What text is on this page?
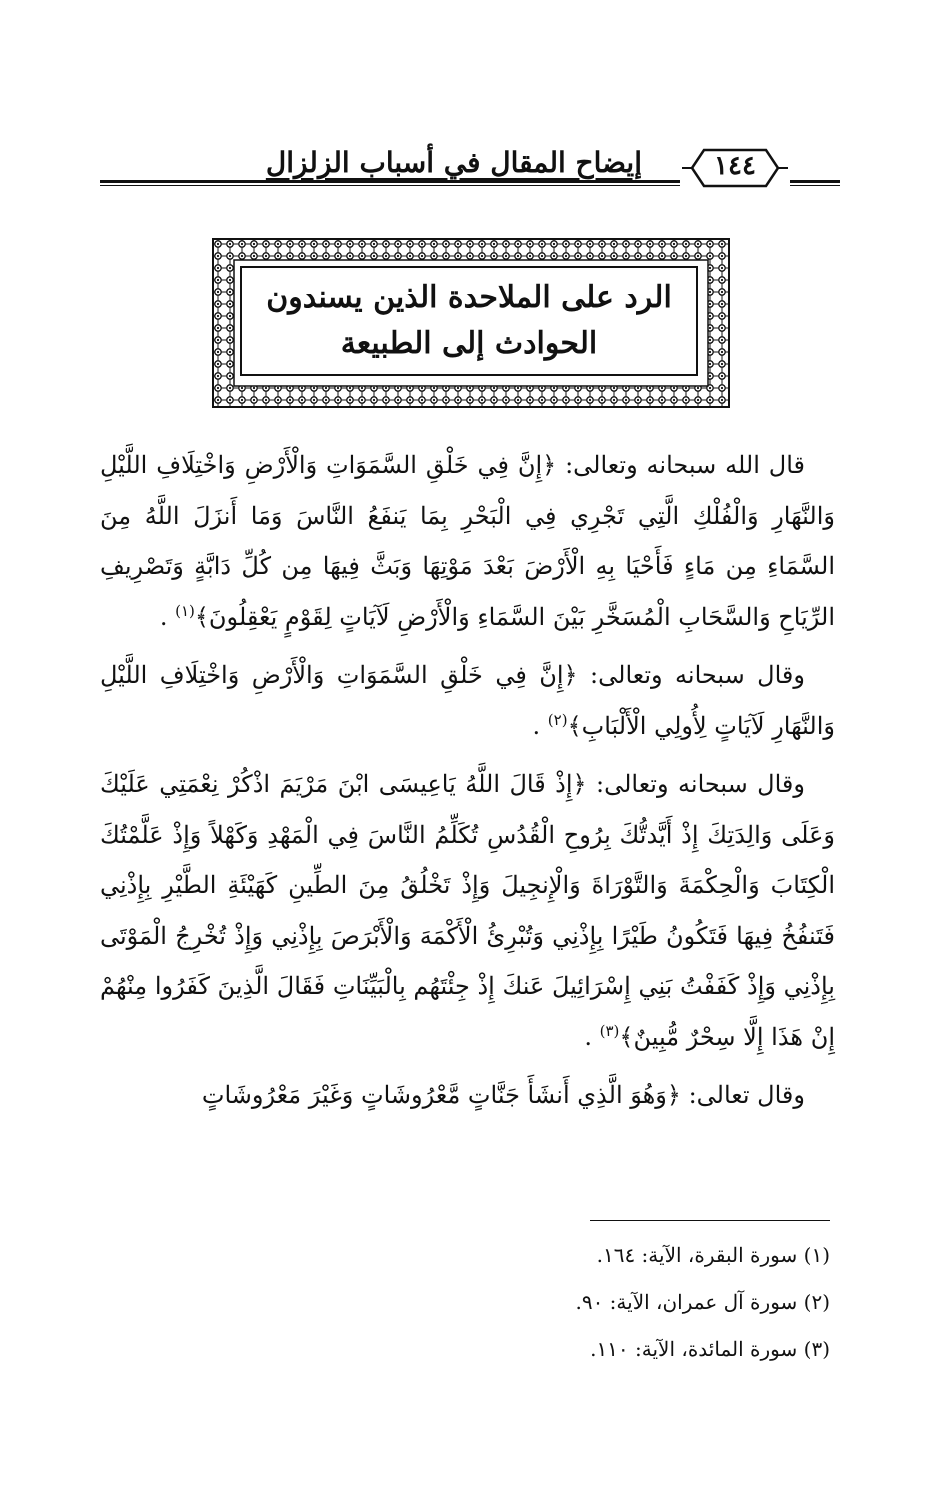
إيضاح المقال في أسباب الزلزال	١٤٤
الرد على الملاحدة الذين يسندون
الحوادث إلى الطبيعة

قال الله سبحانه وتعالى: ﴿إِنَّ فِي خَلْقِ السَّمَوَاتِ وَالْأَرْضِ وَاخْتِلَافِ اللَّيْلِ وَالنَّهَارِ وَالْفُلْكِ الَّتِي تَجْرِي فِي الْبَحْرِ بِمَا يَنفَعُ النَّاسَ وَمَا أَنزَلَ اللَّهُ مِنَ السَّمَاءِ مِن مَاءٍ فَأَحْيَا بِهِ الْأَرْضَ بَعْدَ مَوْتِهَا وَبَثَّ فِيهَا مِن كُلِّ دَابَّةٍ وَتَصْرِيفِ الرِّيَاحِ وَالسَّحَابِ الْمُسَخَّرِ بَيْنَ السَّمَاءِ وَالْأَرْضِ لَآيَاتٍ لِقَوْمٍ يَعْقِلُونَ﴾$^{(١)}$ .

وقال سبحانه وتعالى: ﴿إِنَّ فِي خَلْقِ السَّمَوَاتِ وَالْأَرْضِ وَاخْتِلَافِ اللَّيْلِ وَالنَّهَارِ لَآيَاتٍ لِأُولِي الْأَلْبَابِ﴾$^{(٢)}$ .

وقال سبحانه وتعالى: ﴿إِذْ قَالَ اللَّهُ يَاعِيسَى ابْنَ مَرْيَمَ اذْكُرْ نِعْمَتِي عَلَيْكَ وَعَلَى وَالِدَتِكَ إِذْ أَيَّدتُّكَ بِرُوحِ الْقُدُسِ تُكَلِّمُ النَّاسَ فِي الْمَهْدِ وَكَهْلاً وَإِذْ عَلَّمْتُكَ الْكِتَابَ وَالْحِكْمَةَ وَالتَّوْرَاةَ وَالْإِنجِيلَ وَإِذْ تَخْلُقُ مِنَ الطِّينِ كَهَيْئَةِ الطَّيْرِ بِإِذْنِي فَتَنفُخُ فِيهَا فَتَكُونُ طَيْرًا بِإِذْنِي وَتُبْرِئُ الْأَكْمَهَ وَالْأَبْرَصَ بِإِذْنِي وَإِذْ تُخْرِجُ الْمَوْتَى بِإِذْنِي وَإِذْ كَفَفْتُ بَنِي إِسْرَائِيلَ عَنكَ إِذْ جِئْتَهُم بِالْبَيِّنَاتِ فَقَالَ الَّذِينَ كَفَرُوا مِنْهُمْ إِنْ هَذَا إِلَّا سِحْرٌ مُّبِينٌ﴾$^{(٣)}$ .

وقال تعالى: ﴿وَهُوَ الَّذِي أَنشَأَ جَنَّاتٍ مَّعْرُوشَاتٍ وَغَيْرَ مَعْرُوشَاتٍ

(١) سورة البقرة، الآية: ١٦٤.
(٢) سورة آل عمران، الآية: ٩٠.
(٣) سورة المائدة، الآية: ١١٠.
